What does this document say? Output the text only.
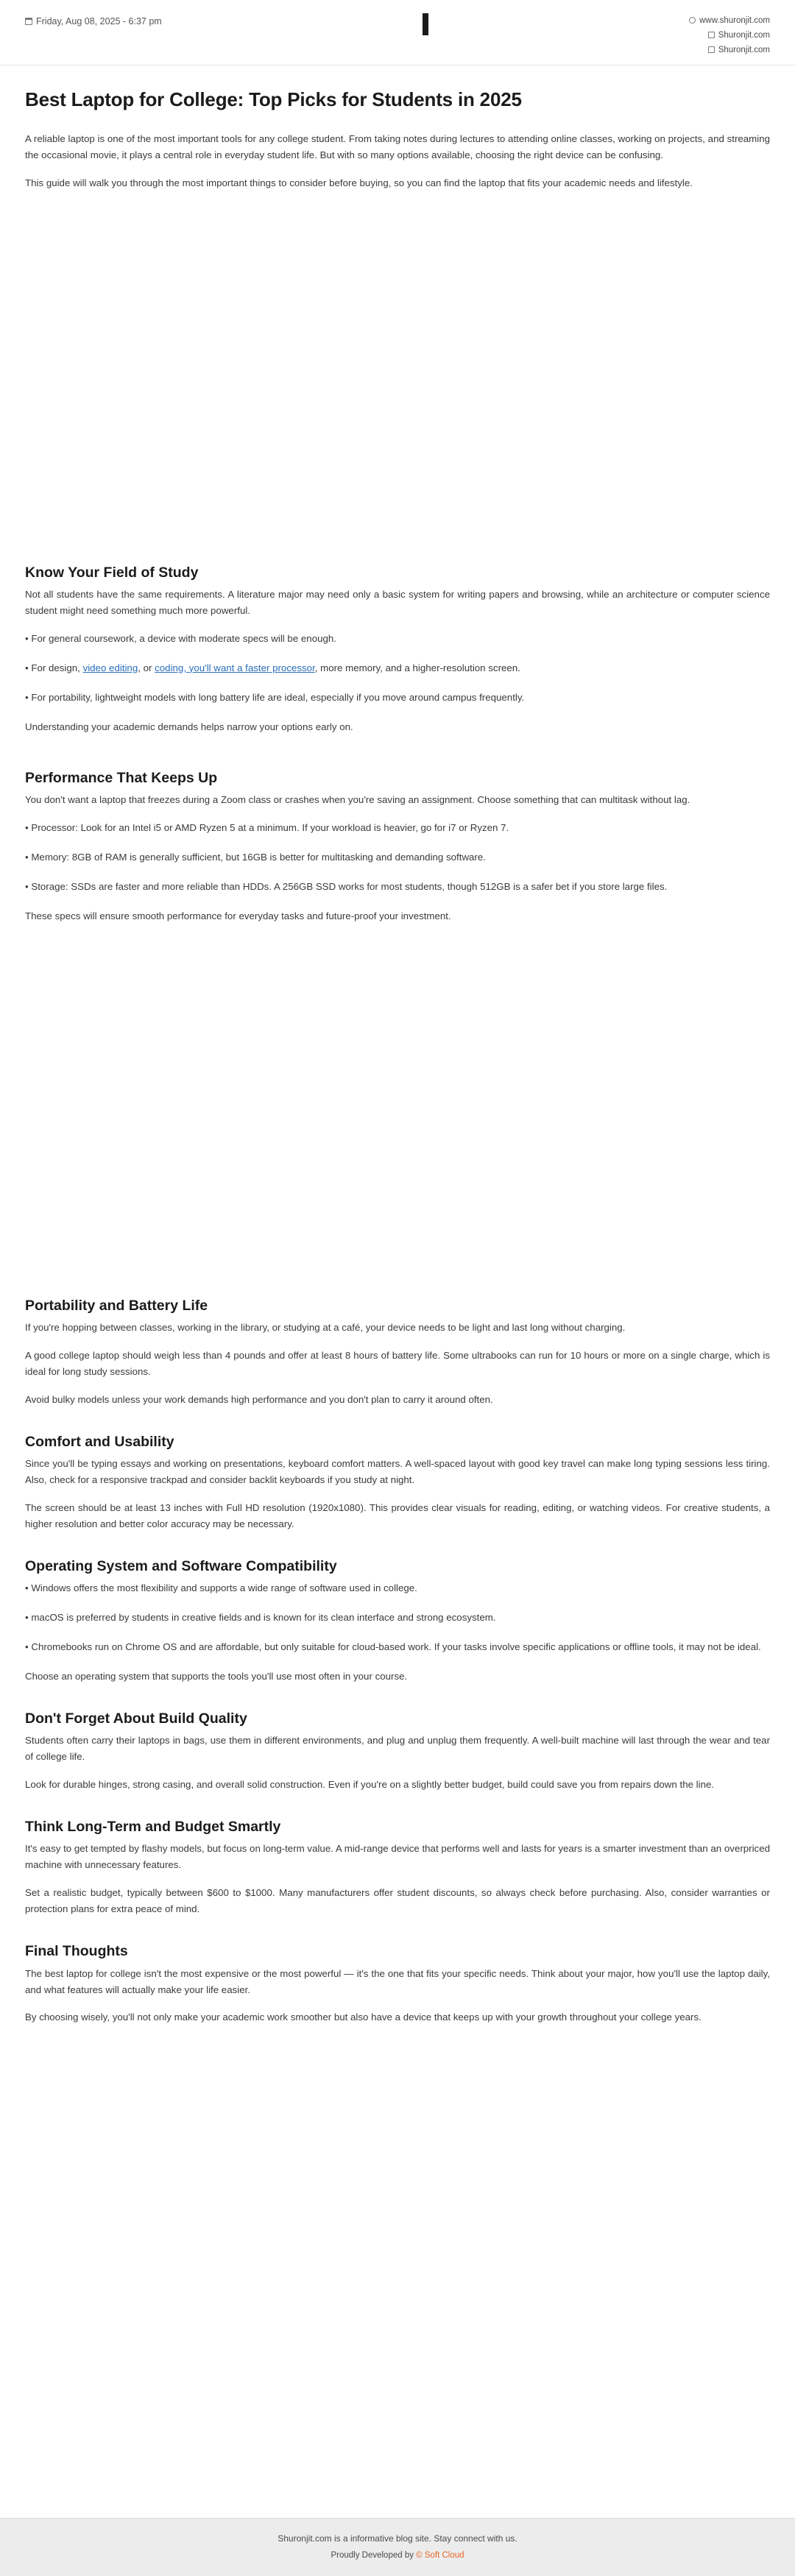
Friday, Aug 08, 2025 - 6:37 pm	www.shuronjit.com
Shuronjit.com
Shuronjit.com
Best Laptop for College: Top Picks for Students in 2025

A reliable laptop is one of the most important tools for any college student. From taking notes during lectures to attending online classes, working on projects, and streaming the occasional movie, it plays a central role in everyday student life. But with so many options available, choosing the right device can be confusing.

This guide will walk you through the most important things to consider before buying, so you can find the laptop that fits your academic needs and lifestyle.

Know Your Field of Study

Not all students have the same requirements. A literature major may need only a basic system for writing papers and browsing, while an architecture or computer science student might need something much more powerful.

• For general coursework, a device with moderate specs will be enough.

• For design, video editing, or coding, you'll want a faster processor, more memory, and a higher-resolution screen.

• For portability, lightweight models with long battery life are ideal, especially if you move around campus frequently.

Understanding your academic demands helps narrow your options early on.

Performance That Keeps Up

You don't want a laptop that freezes during a Zoom class or crashes when you're saving an assignment. Choose something that can multitask without lag.

• Processor: Look for an Intel i5 or AMD Ryzen 5 at a minimum. If your workload is heavier, go for i7 or Ryzen 7.

• Memory: 8GB of RAM is generally sufficient, but 16GB is better for multitasking and demanding software.

• Storage: SSDs are faster and more reliable than HDDs. A 256GB SSD works for most students, though 512GB is a safer bet if you store large files.

These specs will ensure smooth performance for everyday tasks and future-proof your investment.

Portability and Battery Life

If you're hopping between classes, working in the library, or studying at a café, your device needs to be light and last long without charging.

A good college laptop should weigh less than 4 pounds and offer at least 8 hours of battery life. Some ultrabooks can run for 10 hours or more on a single charge, which is ideal for long study sessions.

Avoid bulky models unless your work demands high performance and you don't plan to carry it around often.

Comfort and Usability

Since you'll be typing essays and working on presentations, keyboard comfort matters. A well-spaced layout with good key travel can make long typing sessions less tiring. Also, check for a responsive trackpad and consider backlit keyboards if you study at night.

The screen should be at least 13 inches with Full HD resolution (1920x1080). This provides clear visuals for reading, editing, or watching videos. For creative students, a higher resolution and better color accuracy may be necessary.

Operating System and Software Compatibility

• Windows offers the most flexibility and supports a wide range of software used in college.

• macOS is preferred by students in creative fields and is known for its clean interface and strong ecosystem.

• Chromebooks run on Chrome OS and are affordable, but only suitable for cloud-based work. If your tasks involve specific applications or offline tools, it may not be ideal.

Choose an operating system that supports the tools you'll use most often in your course.

Don't Forget About Build Quality

Students often carry their laptops in bags, use them in different environments, and plug and unplug them frequently. A well-built machine will last through the wear and tear of college life.

Look for durable hinges, strong casing, and overall solid construction. Even if you're on a slightly better budget, build could save you from repairs down the line.

Think Long-Term and Budget Smartly

It's easy to get tempted by flashy models, but focus on long-term value. A mid-range device that performs well and lasts for years is a smarter investment than an overpriced machine with unnecessary features.

Set a realistic budget, typically between $600 to $1000. Many manufacturers offer student discounts, so always check before purchasing. Also, consider warranties or protection plans for extra peace of mind.

Final Thoughts

The best laptop for college isn't the most expensive or the most powerful — it's the one that fits your specific needs. Think about your major, how you'll use the laptop daily, and what features will actually make your life easier.

By choosing wisely, you'll not only make your academic work smoother but also have a device that keeps up with your growth throughout your college years.

Shuronjit.com is a informative blog site. Stay connect with us.
Proudly Developed by © Soft Cloud
